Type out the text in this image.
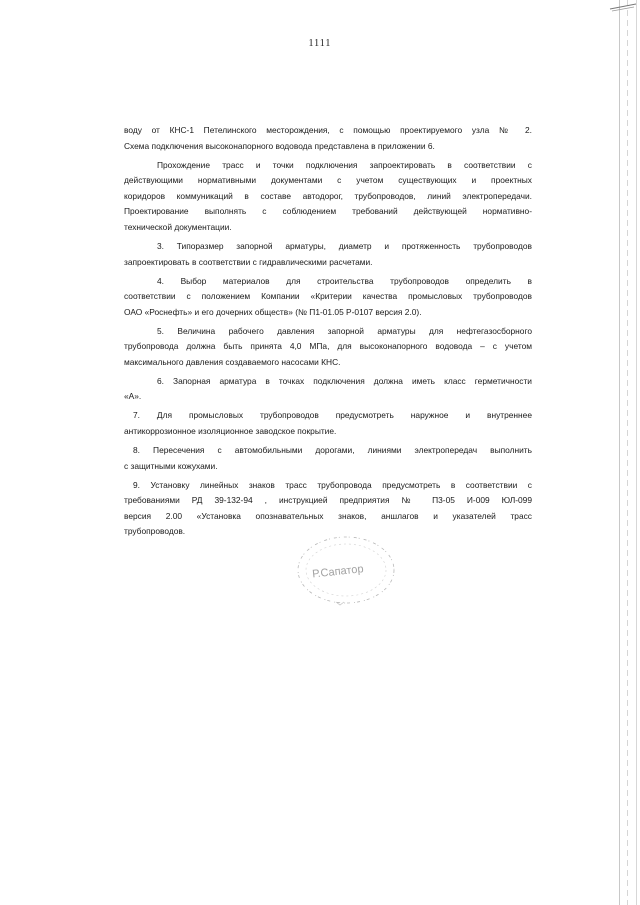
1111
воду от КНС-1 Петелинского месторождения, с помощью проектируемого узла № 2.
Схема подключения высоконапорного водовода представлена в приложении 6.
Прохождение трасс и точки подключения запроектировать в соответствии с
действующими нормативными документами с учетом существующих и проектных
коридоров коммуникаций в составе автодорог, трубопроводов, линий электропередачи.
Проектирование выполнять с соблюдением требований действующей нормативно-
технической документации.
3. Типоразмер запорной арматуры, диаметр и протяженность трубопроводов
запроектировать в соответствии с гидравлическими расчетами.
4. Выбор материалов для строительства трубопроводов определить в
соответствии с положением Компании «Критерии качества промысловых трубопроводов
ОАО «Роснефть» и его дочерних обществ» (№ П1-01.05 Р-0107 версия 2.0).
5. Величина рабочего давления запорной арматуры для нефтегазосборного
трубопровода должна быть принята 4,0 МПа, для высоконапорного водовода – с учетом
максимального давления создаваемого насосами КНС.
6. Запорная арматура в точках подключения должна иметь класс герметичности
«А».
7. Для промысловых трубопроводов предусмотреть наружное и внутреннее
антикоррозионное изоляционное заводское покрытие.
8. Пересечения с автомобильными дорогами, линиями электропередач выполнить
с защитными кожухами.
9. Установку линейных знаков трасс трубопровода предусмотреть в соответствии с
требованиями РД 39-132-94 , инструкцией предприятия № П3-05 И-009 ЮЛ-099
версия 2.00 «Установка опознавательных знаков, аншлагов и указателей трасс
трубопроводов.
Р.Сапатор
